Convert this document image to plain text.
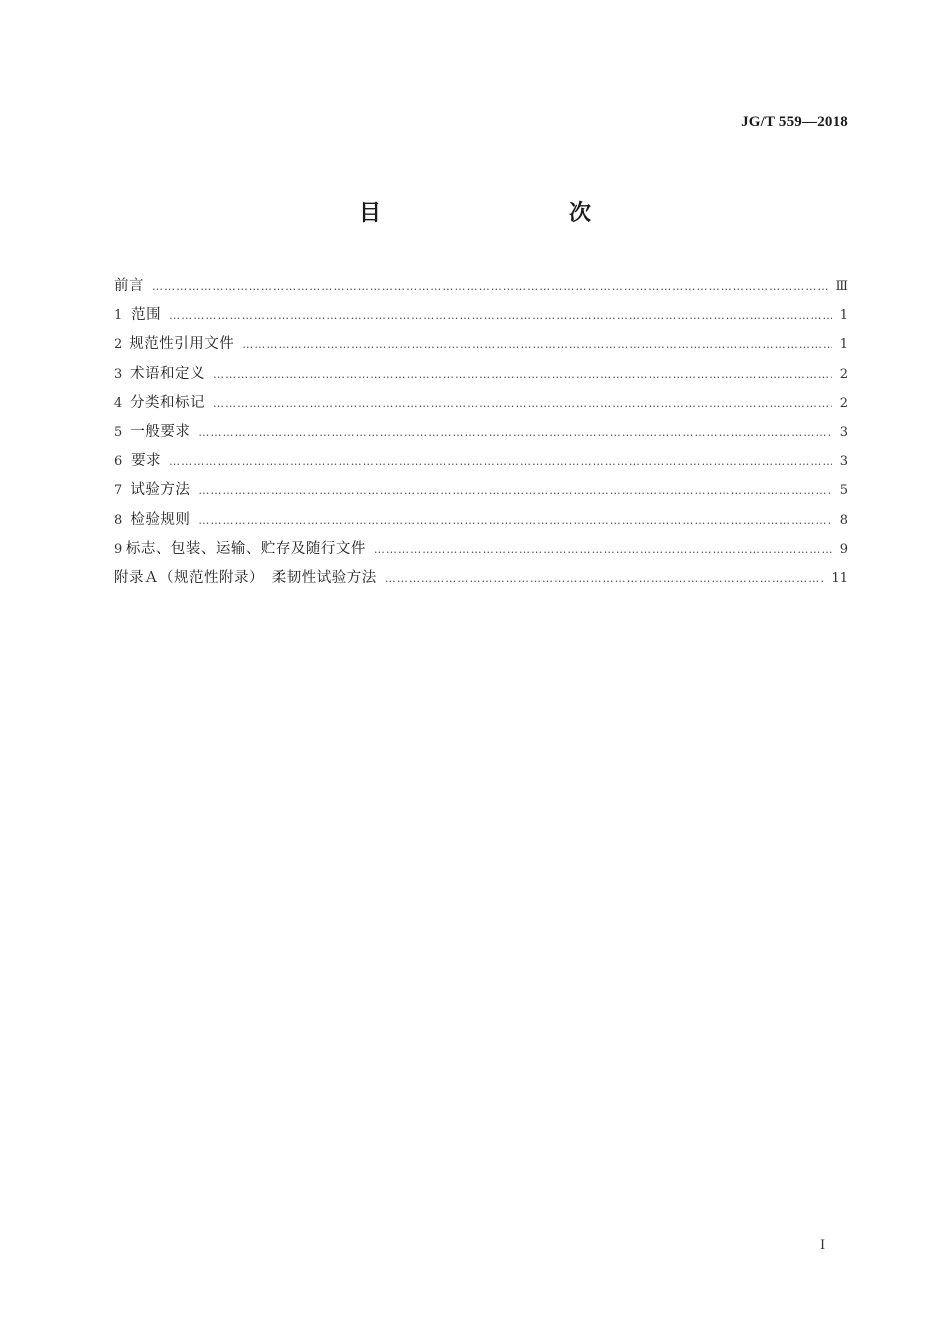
JG/T 559—2018
目　　次
前言 ……………………………………………………………………………………………………………………………………………………………………………………………………………………	Ⅲ
1 范围 ……………………………………………………………………………………………………………………………………………………………………………………………………………………	1
2 规范性引用文件 ……………………………………………………………………………………………………………………………………………………………………………………………………………………	1
3 术语和定义 ……………………………………………………………………………………………………………………………………………………………………………………………………………………	2
4 分类和标记 ……………………………………………………………………………………………………………………………………………………………………………………………………………………	2
5 一般要求 ……………………………………………………………………………………………………………………………………………………………………………………………………………………	3
6 要求 ……………………………………………………………………………………………………………………………………………………………………………………………………………………	3
7 试验方法 ……………………………………………………………………………………………………………………………………………………………………………………………………………………	5
8 检验规则 ……………………………………………………………………………………………………………………………………………………………………………………………………………………	8
9 标志、包装、运输、贮存及随行文件 ……………………………………………………………………………………………………………………………………………………………………………………………………………………	9
附录Ａ（规范性附录）　柔韧性试验方法 ……………………………………………………………………………………………………………………………………………………………………………………………………………………	11
Ⅰ
